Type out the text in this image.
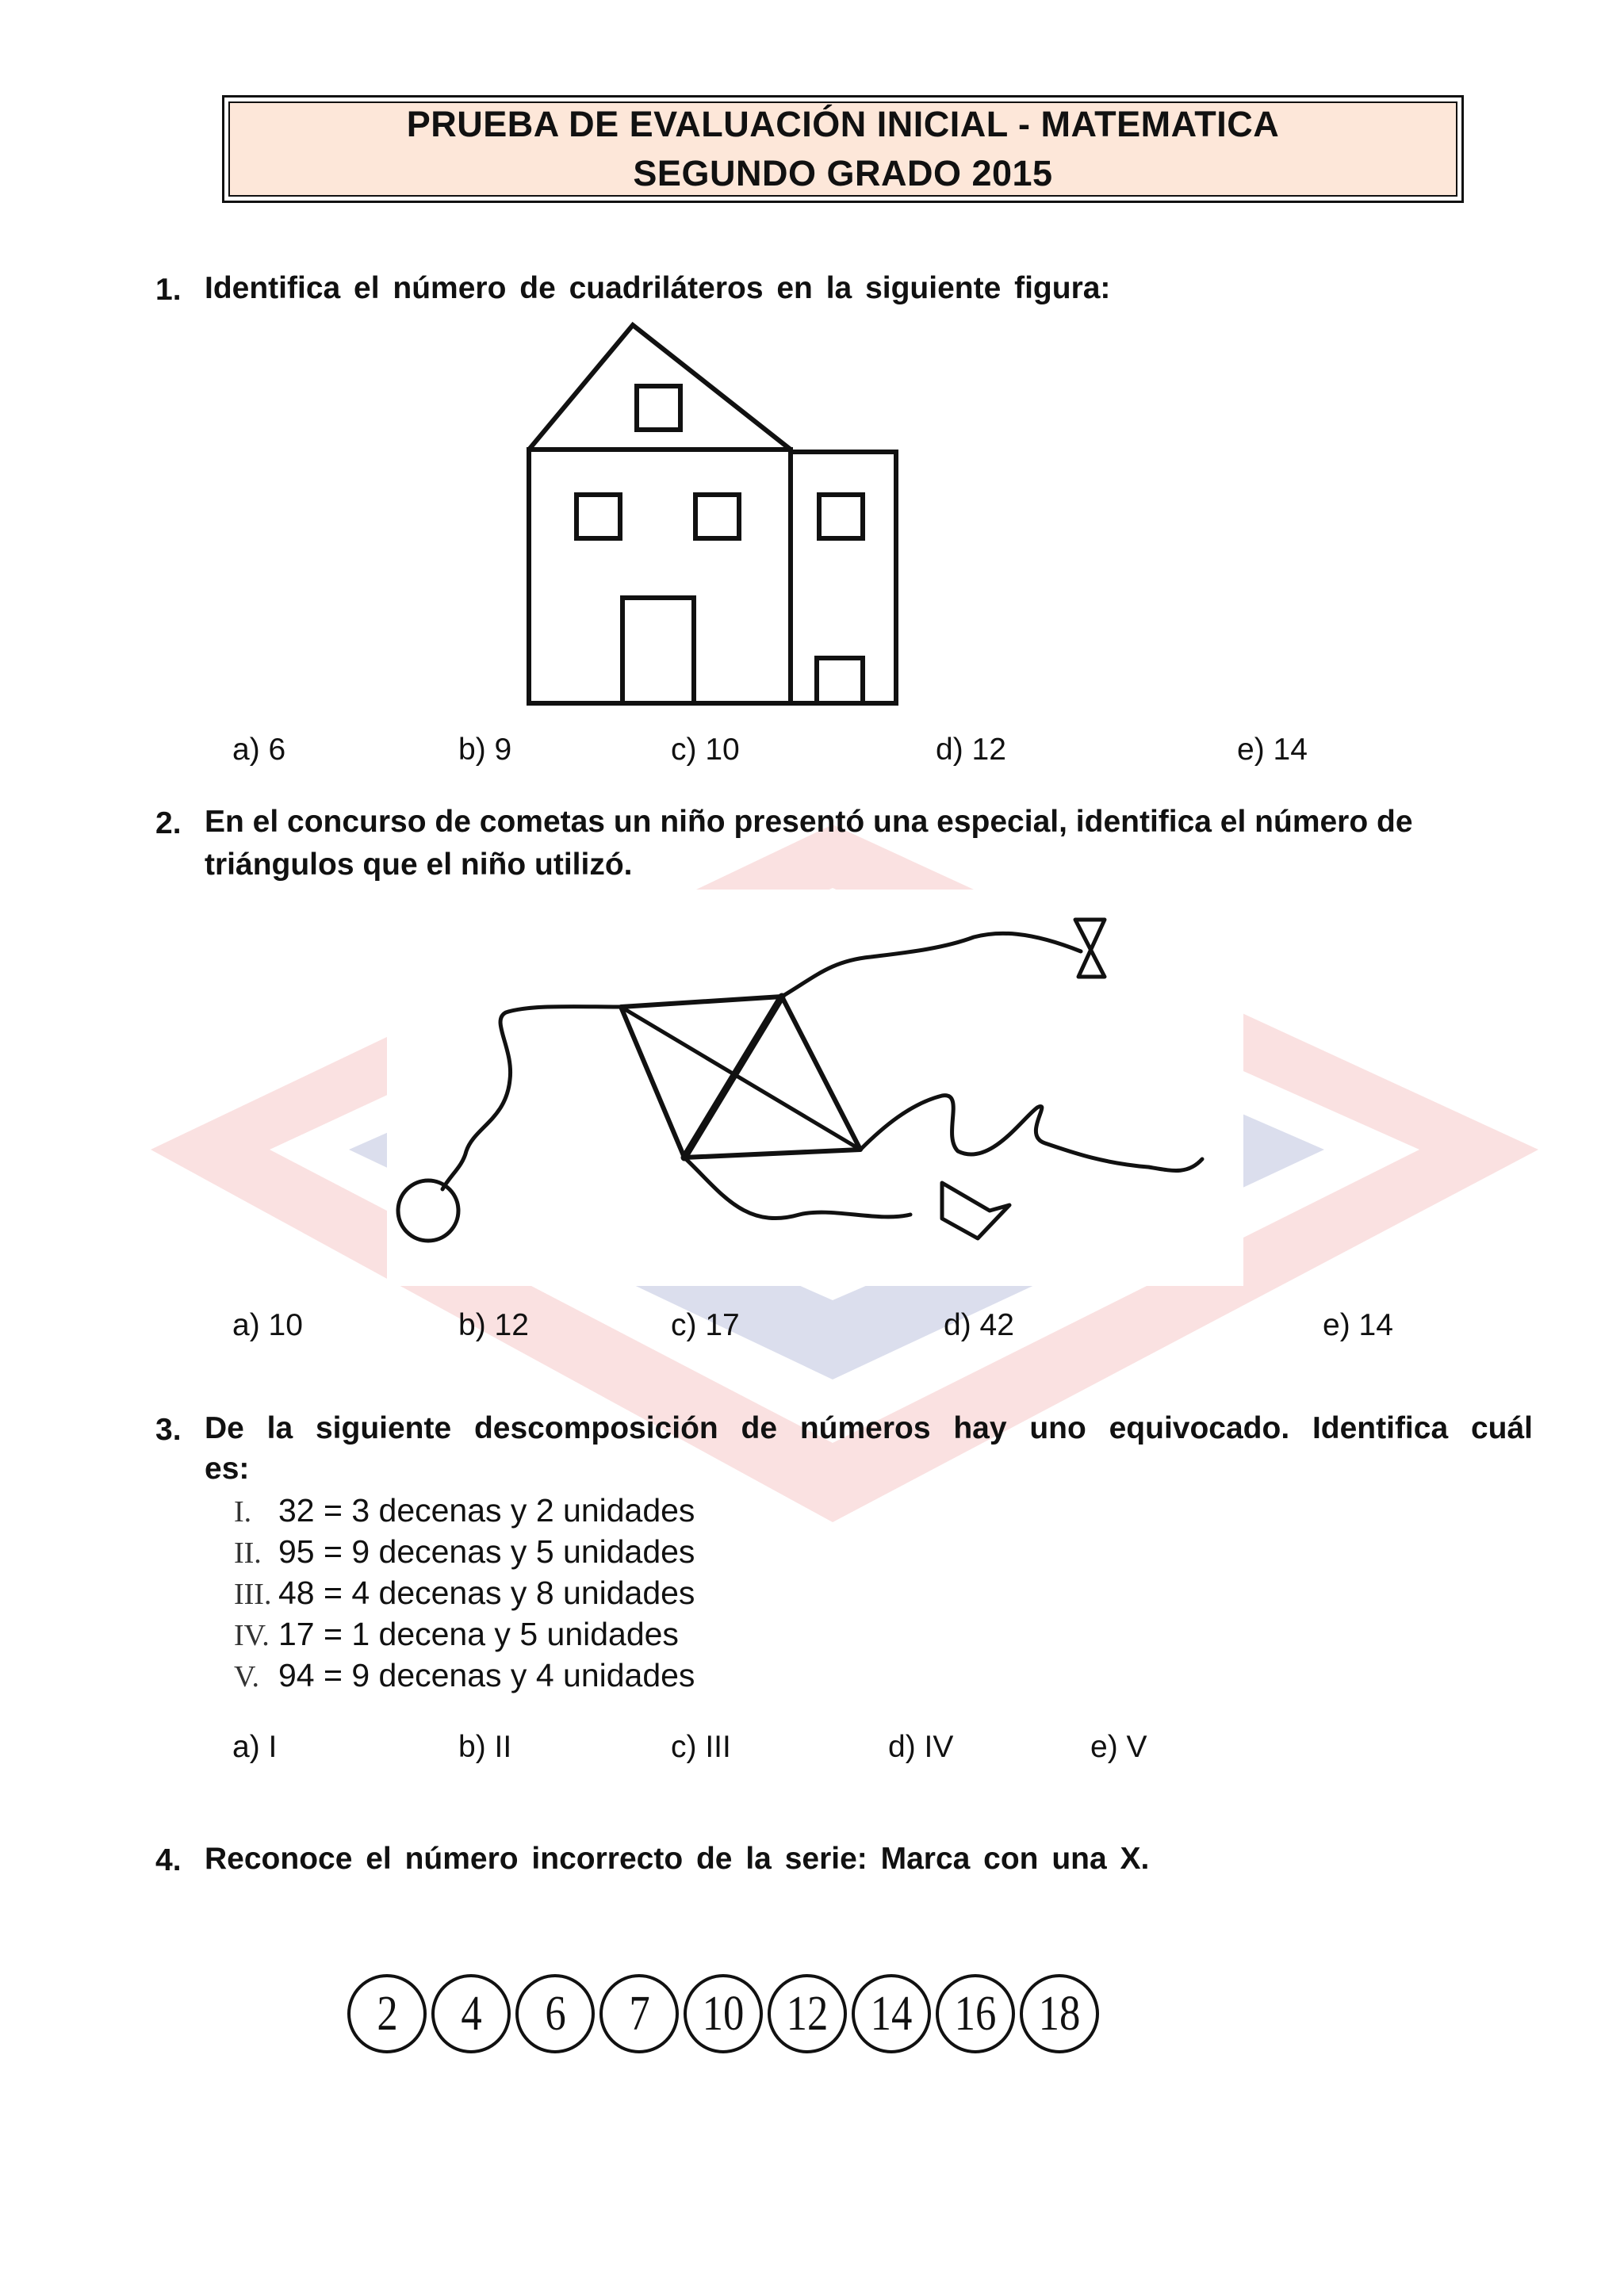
PRUEBA DE EVALUACIÓN INICIAL - MATEMATICA
SEGUNDO GRADO 2015
1. Identifica el número de cuadriláteros en la siguiente figura:
a) 6	b) 9	c) 10	d) 12	e) 14
2. En el concurso de cometas un niño presentó una especial, identifica el número de
triángulos que el niño utilizó.
a) 10	b) 12	c) 17	d) 42	e) 14
3. De la siguiente descomposición de números hay uno equivocado. Identifica cuál
es:
I. 32 = 3 decenas y 2 unidades
II. 95 = 9 decenas y 5 unidades
III. 48 = 4 decenas y 8 unidades
IV. 17 = 1 decena y 5 unidades
V. 94 = 9 decenas y 4 unidades
a) I	b) II	c) III	d) IV	e) V
4. Reconoce el número incorrecto de la serie: Marca con una X.
2 4 6 7 10 12 14 16 18
